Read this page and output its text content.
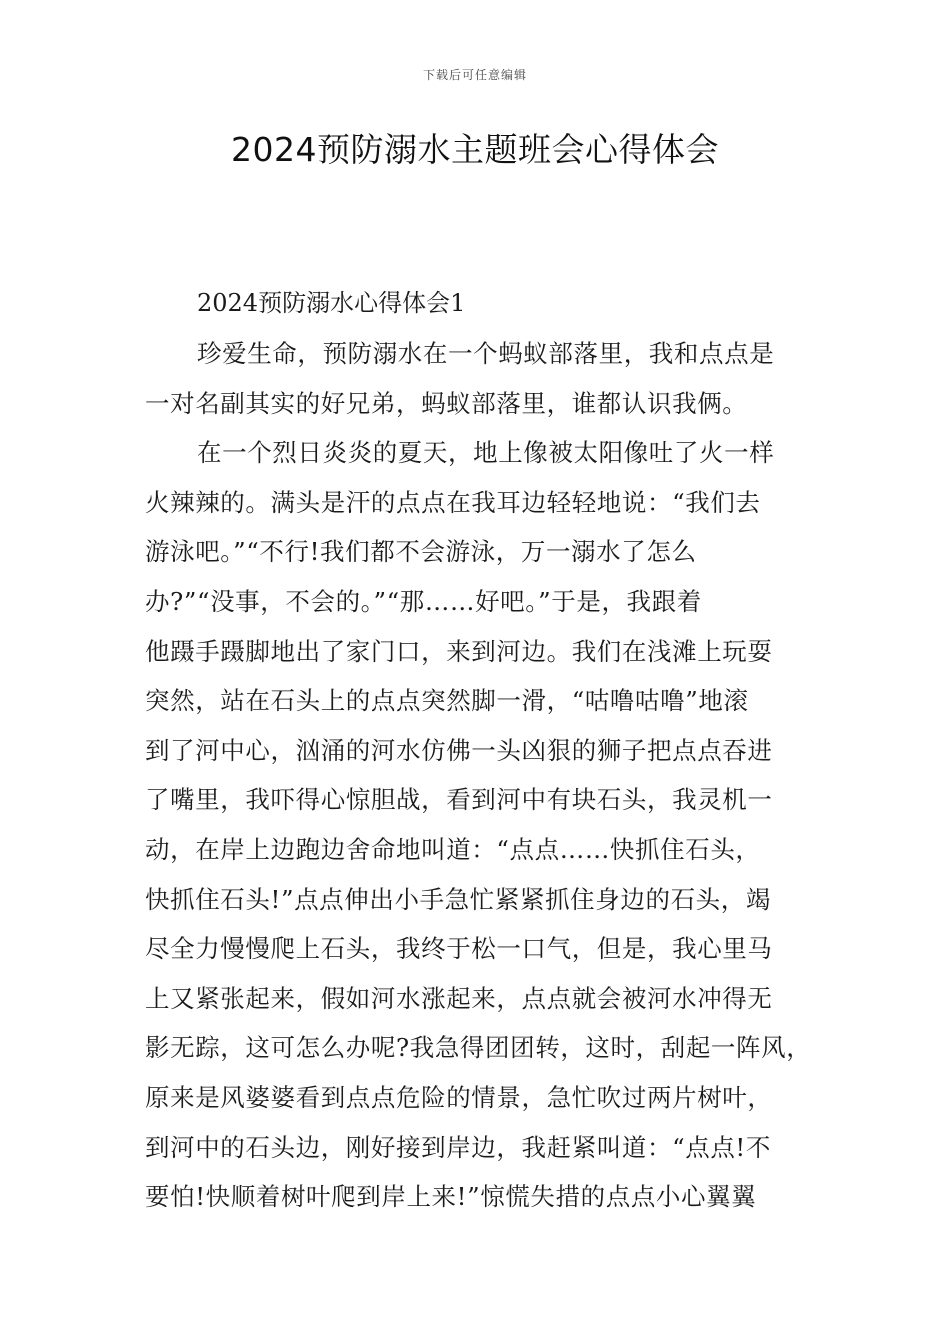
下载后可任意编辑
2024预防溺水主题班会心得体会

2024预防溺水心得体会1

珍爱生命，预防溺水在一个蚂蚁部落里，我和点点是

一对名副其实的好兄弟，蚂蚁部落里，谁都认识我俩。

在一个烈日炎炎的夏天，地上像被太阳像吐了火一样

火辣辣的。满头是汗的点点在我耳边轻轻地说：“我们去

游泳吧。”“不行!我们都不会游泳，万一溺水了怎么

办?”“没事，不会的。”“那……好吧。”于是，我跟着

他蹑手蹑脚地出了家门口，来到河边。我们在浅滩上玩耍

突然，站在石头上的点点突然脚一滑，“咕噜咕噜”地滚

到了河中心，汹涌的河水仿佛一头凶狠的狮子把点点吞进

了嘴里，我吓得心惊胆战，看到河中有块石头，我灵机一

动，在岸上边跑边舍命地叫道：“点点……快抓住石头，

快抓住石头!”点点伸出小手急忙紧紧抓住身边的石头，竭

尽全力慢慢爬上石头，我终于松一口气，但是，我心里马

上又紧张起来，假如河水涨起来，点点就会被河水冲得无

影无踪，这可怎么办呢?我急得团团转，这时，刮起一阵风，

原来是风婆婆看到点点危险的情景，急忙吹过两片树叶，

到河中的石头边，刚好接到岸边，我赶紧叫道：“点点!不

要怕!快顺着树叶爬到岸上来!”惊慌失措的点点小心翼翼
